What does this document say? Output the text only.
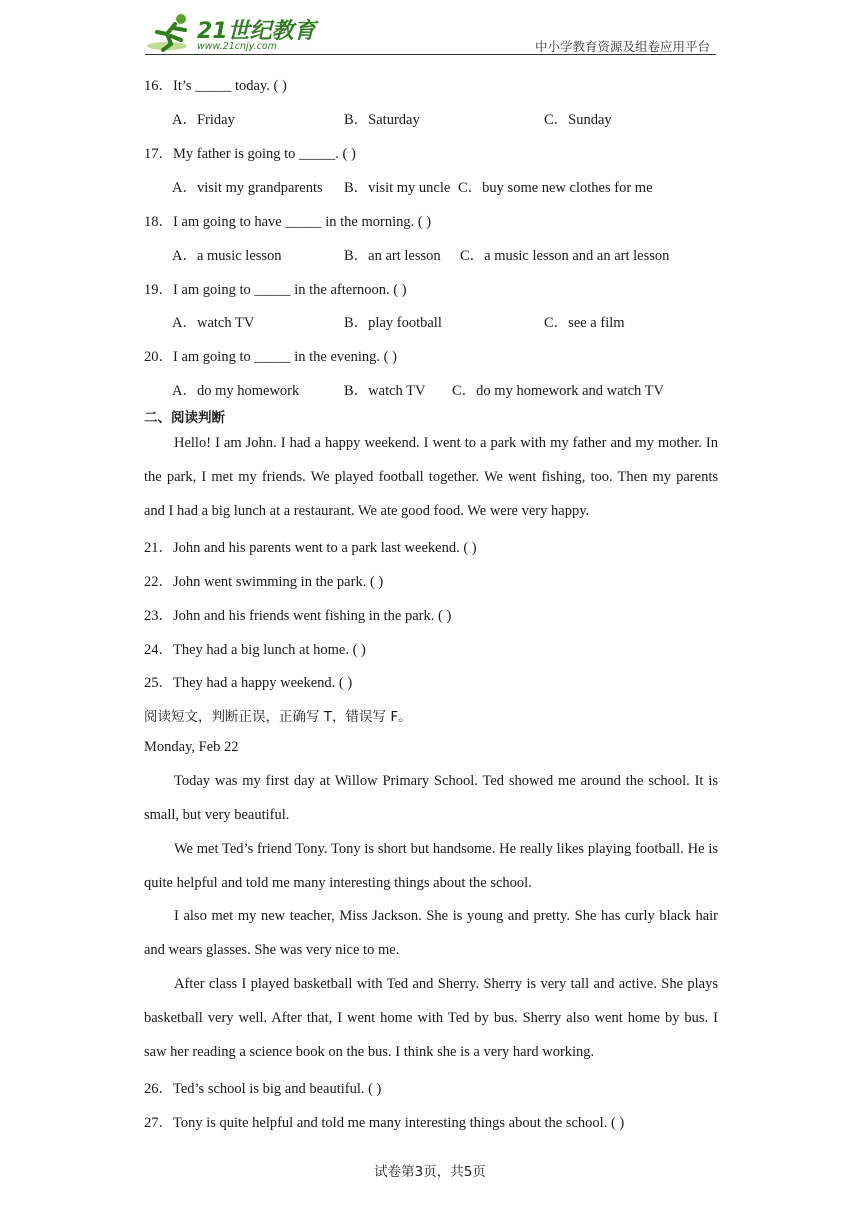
21世纪教育
www.21cnjy.com	中小学教育资源及组卷应用平台
16．It’s _____ today. ( )
A．Friday	B．Saturday	C．Sunday
17．My father is going to _____. ( )
A．visit my grandparents B．visit my uncle C．buy some new clothes for me
18．I am going to have _____ in the morning. ( )
A．a music lesson	B．an art lesson C．a music lesson and an art lesson
19．I am going to _____ in the afternoon. ( )
A．watch TV	B．play football	C．see a film
20．I am going to _____ in the evening. ( )
A．do my homework	B．watch TV C．do my homework and watch TV
二、阅读判断
Hello! I am John. I had a happy weekend. I went to a park with my father and my mother. In the park, I met my friends. We played football together. We went fishing, too. Then my parents and I had a big lunch at a restaurant. We ate good food. We were very happy.
21．John and his parents went to a park last weekend. ( )
22．John went swimming in the park. ( )
23．John and his friends went fishing in the park. ( )
24．They had a big lunch at home. ( )
25．They had a happy weekend. ( )
阅读短文，判断正误，正确写 T，错误写 F。
Monday, Feb 22
Today was my first day at Willow Primary School. Ted showed me around the school. It is small, but very beautiful.
We met Ted’s friend Tony. Tony is short but handsome. He really likes playing football. He is quite helpful and told me many interesting things about the school.
I also met my new teacher, Miss Jackson. She is young and pretty. She has curly black hair and wears glasses. She was very nice to me.
After class I played basketball with Ted and Sherry. Sherry is very tall and active. She plays basketball very well. After that, I went home with Ted by bus. Sherry also went home by bus. I saw her reading a science book on the bus. I think she is a very hard working.
26．Ted’s school is big and beautiful. ( )
27．Tony is quite helpful and told me many interesting things about the school. ( )
试卷第3页，共5页
